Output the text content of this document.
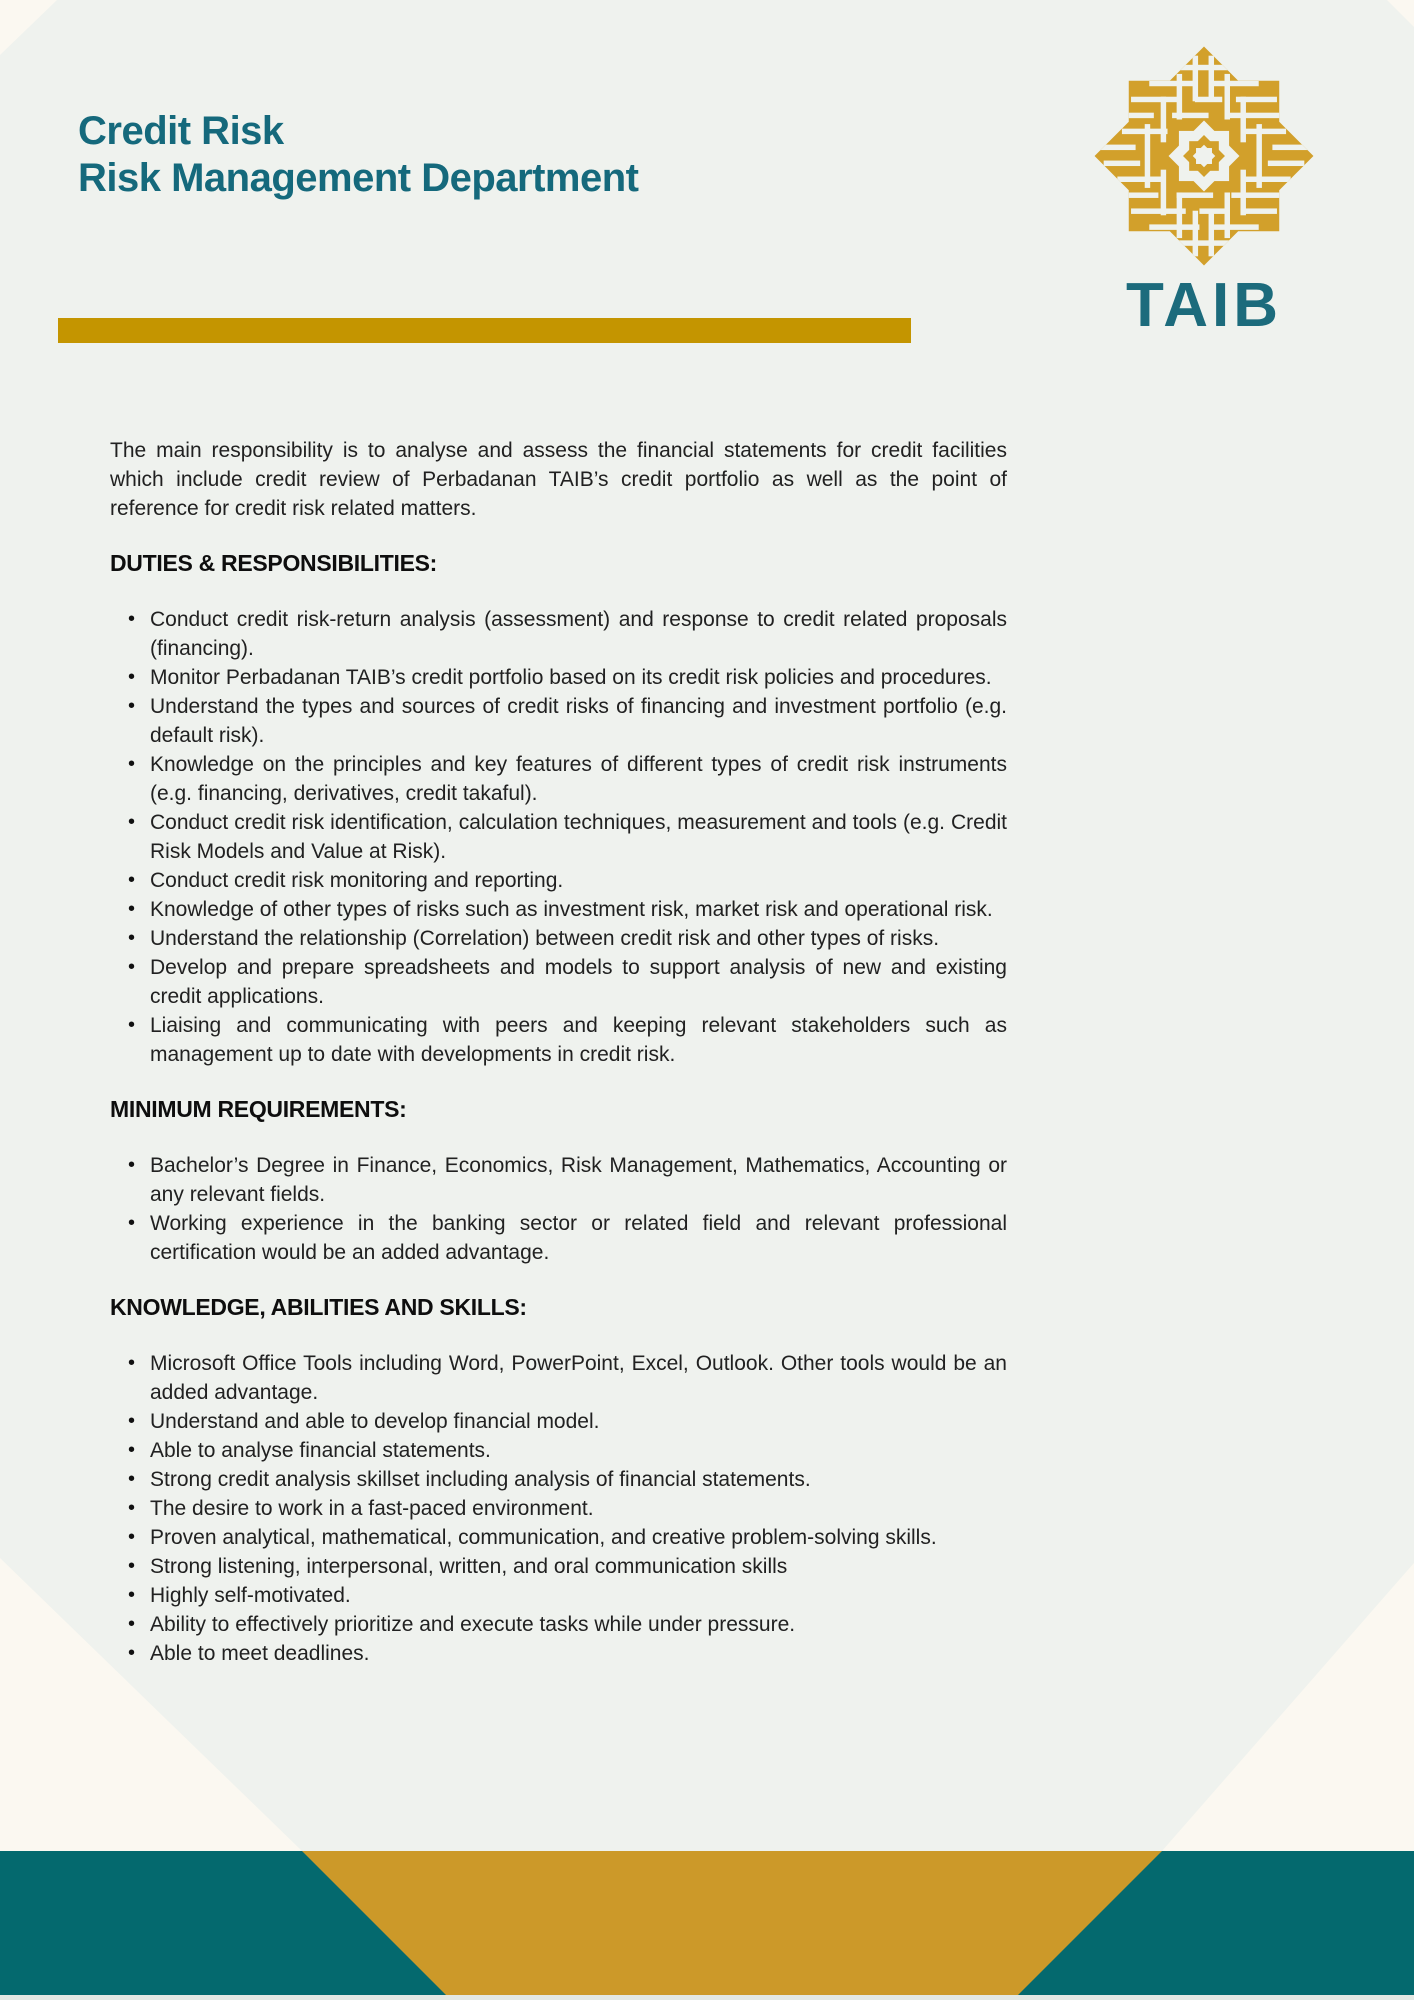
Credit Risk
Risk Management Department
TAIB

The main responsibility is to analyse and assess the financial statements for credit facilities which include credit review of Perbadanan TAIB’s credit portfolio as well as the point of reference for credit risk related matters.

DUTIES & RESPONSIBILITIES:
• Conduct credit risk-return analysis (assessment) and response to credit related proposals (financing).
• Monitor Perbadanan TAIB’s credit portfolio based on its credit risk policies and procedures.
• Understand the types and sources of credit risks of financing and investment portfolio (e.g. default risk).
• Knowledge on the principles and key features of different types of credit risk instruments (e.g. financing, derivatives, credit takaful).
• Conduct credit risk identification, calculation techniques, measurement and tools (e.g. Credit Risk Models and Value at Risk).
• Conduct credit risk monitoring and reporting.
• Knowledge of other types of risks such as investment risk, market risk and operational risk.
• Understand the relationship (Correlation) between credit risk and other types of risks.
• Develop and prepare spreadsheets and models to support analysis of new and existing credit applications.
• Liaising and communicating with peers and keeping relevant stakeholders such as management up to date with developments in credit risk.
MINIMUM REQUIREMENTS:
• Bachelor’s Degree in Finance, Economics, Risk Management, Mathematics, Accounting or any relevant fields.
• Working experience in the banking sector or related field and relevant professional certification would be an added advantage.
KNOWLEDGE, ABILITIES AND SKILLS:
• Microsoft Office Tools including Word, PowerPoint, Excel, Outlook. Other tools would be an added advantage.
• Understand and able to develop financial model.
• Able to analyse financial statements.
• Strong credit analysis skillset including analysis of financial statements.
• The desire to work in a fast-paced environment.
• Proven analytical, mathematical, communication, and creative problem-solving skills.
• Strong listening, interpersonal, written, and oral communication skills
• Highly self-motivated.
• Ability to effectively prioritize and execute tasks while under pressure.
• Able to meet deadlines.
